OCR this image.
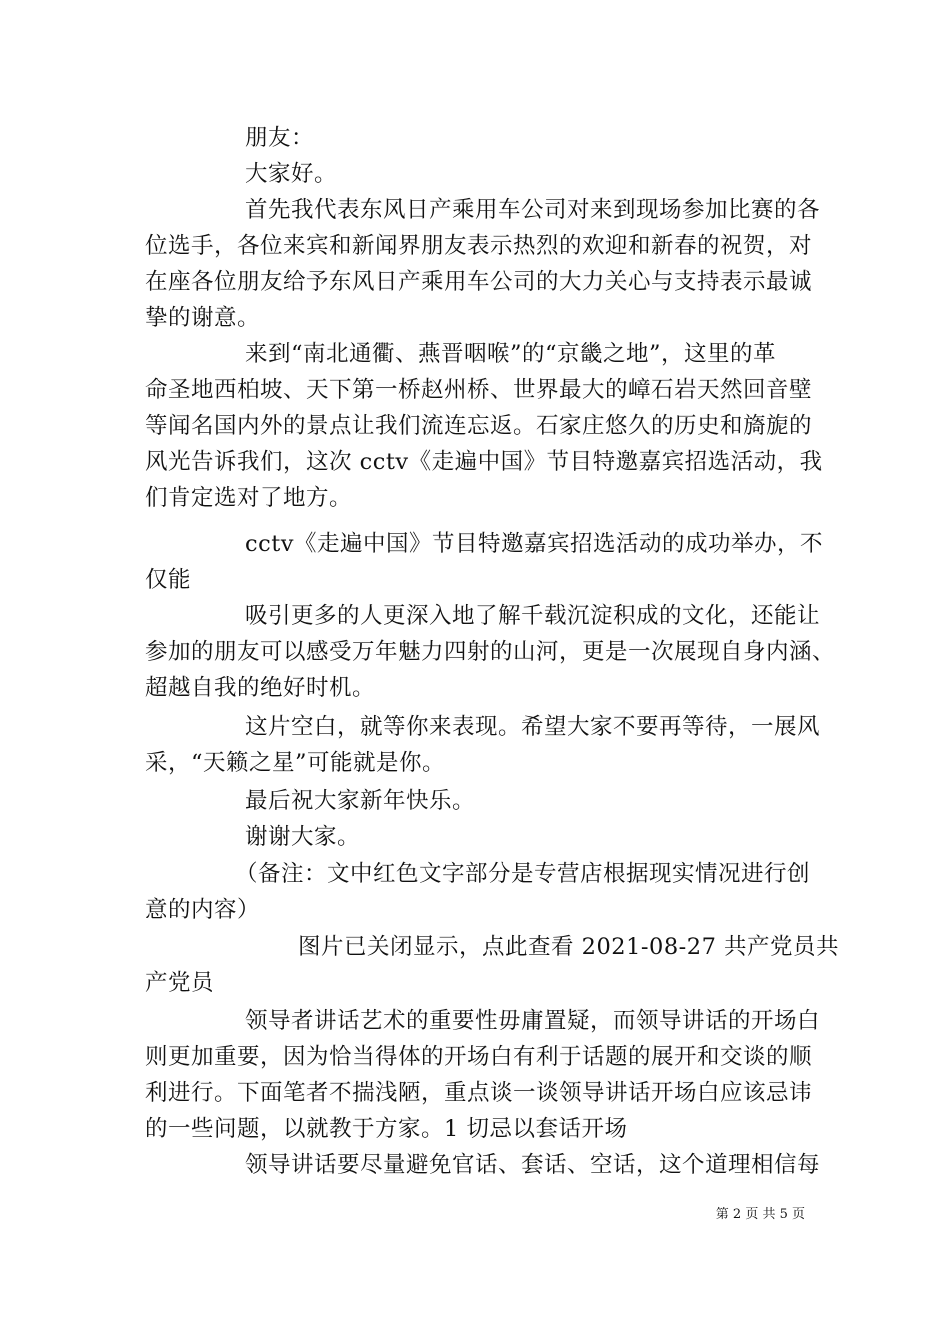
朋友：
大家好。
首先我代表东风日产乘用车公司对来到现场参加比赛的各
位选手，各位来宾和新闻界朋友表示热烈的欢迎和新春的祝贺，对
在座各位朋友给予东风日产乘用车公司的大力关心与支持表示最诚
挚的谢意。
来到“南北通衢、燕晋咽喉”的“京畿之地”，这里的革
命圣地西柏坡、天下第一桥赵州桥、世界最大的嶂石岩天然回音壁
等闻名国内外的景点让我们流连忘返。石家庄悠久的历史和旖旎的
风光告诉我们，这次 cctv《走遍中国》节目特邀嘉宾招选活动，我
们肯定选对了地方。
cctv《走遍中国》节目特邀嘉宾招选活动的成功举办，不
仅能
吸引更多的人更深入地了解千载沉淀积成的文化，还能让
参加的朋友可以感受万年魅力四射的山河，更是一次展现自身内涵、
超越自我的绝好时机。
这片空白，就等你来表现。希望大家不要再等待，一展风
采，“天籁之星”可能就是你。
最后祝大家新年快乐。
谢谢大家。
（备注：文中红色文字部分是专营店根据现实情况进行创
意的内容）
图片已关闭显示，点此查看 2021-08-27 共产党员共
产党员
领导者讲话艺术的重要性毋庸置疑，而领导讲话的开场白
则更加重要，因为恰当得体的开场白有利于话题的展开和交谈的顺
利进行。下面笔者不揣浅陋，重点谈一谈领导讲话开场白应该忌讳
的一些问题，以就教于方家。1 切忌以套话开场
领导讲话要尽量避免官话、套话、空话，这个道理相信每
第 2 页 共 5 页
